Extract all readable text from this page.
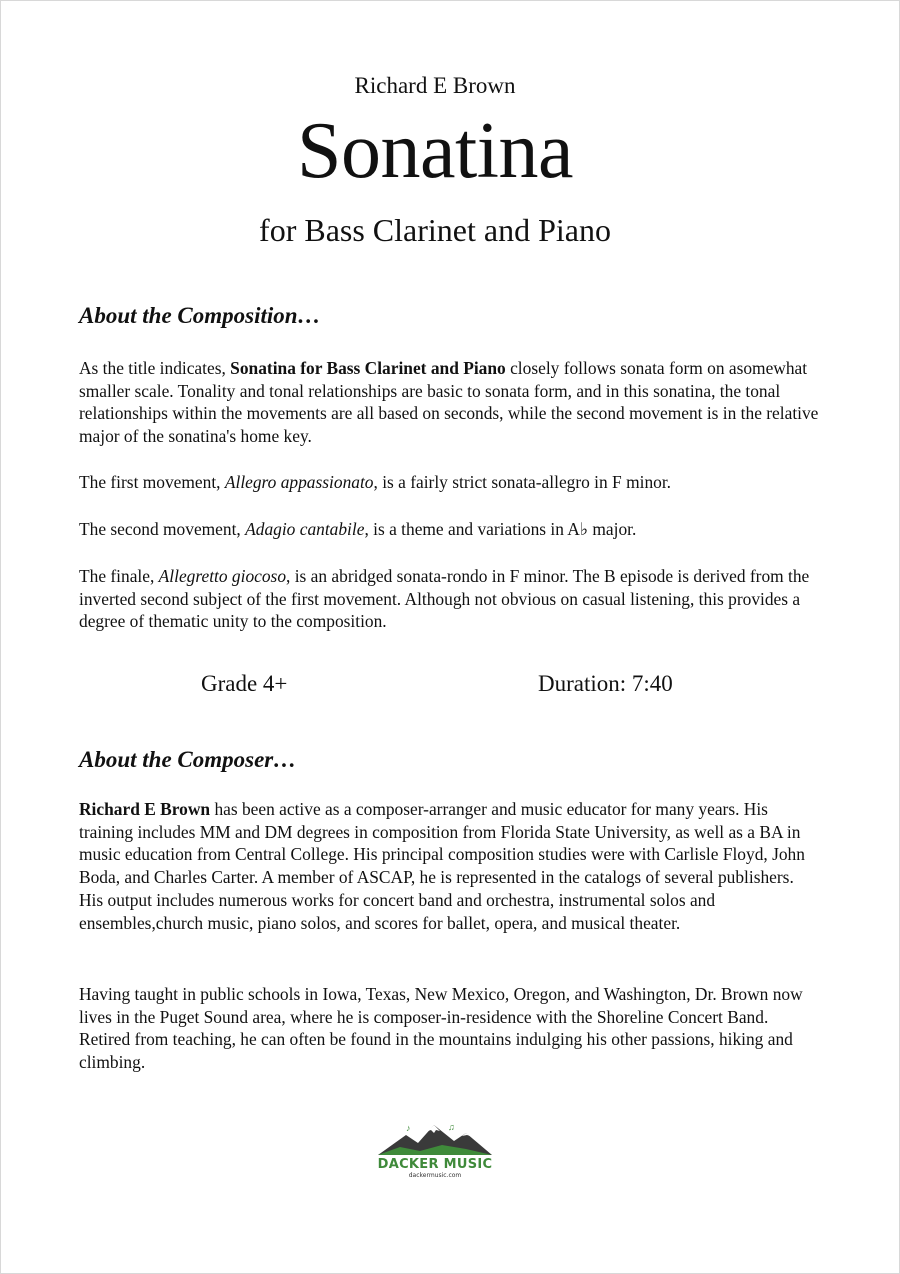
Richard E Brown
Sonatina
for Bass Clarinet and Piano
About the Composition…

As the title indicates, Sonatina for Bass Clarinet and Piano closely follows sonata form on asomewhat smaller scale. Tonality and tonal relationships are basic to sonata form, and in this sonatina, the tonal relationships within the movements are all based on seconds, while the second movement is in the relative major of the sonatina's home key.

The first movement, Allegro appassionato, is a fairly strict sonata-allegro in F minor.

The second movement, Adagio cantabile, is a theme and variations in A♭ major.

The finale, Allegretto giocoso, is an abridged sonata-rondo in F minor. The B episode is derived from the inverted second subject of the first movement. Although not obvious on casual listening, this provides a degree of thematic unity to the composition.

Grade 4+	Duration: 7:40
About the Composer…

Richard E Brown has been active as a composer-arranger and music educator for many years. His training includes MM and DM degrees in composition from Florida State University, as well as a BA in music education from Central College. His principal composition studies were with Carlisle Floyd, John Boda, and Charles Carter. A member of ASCAP, he is represented in the catalogs of several publishers. His output includes numerous works for concert band and orchestra, instrumental solos and ensembles,church music, piano solos, and scores for ballet, opera, and musical theater.

Having taught in public schools in Iowa, Texas, New Mexico, Oregon, and Washington, Dr. Brown now lives in the Puget Sound area, where he is composer-in-residence with the Shoreline Concert Band. Retired from teaching, he can often be found in the mountains indulging his other passions, hiking and climbing.

♪	♫
DACKER MUSIC
dackermusic.com
